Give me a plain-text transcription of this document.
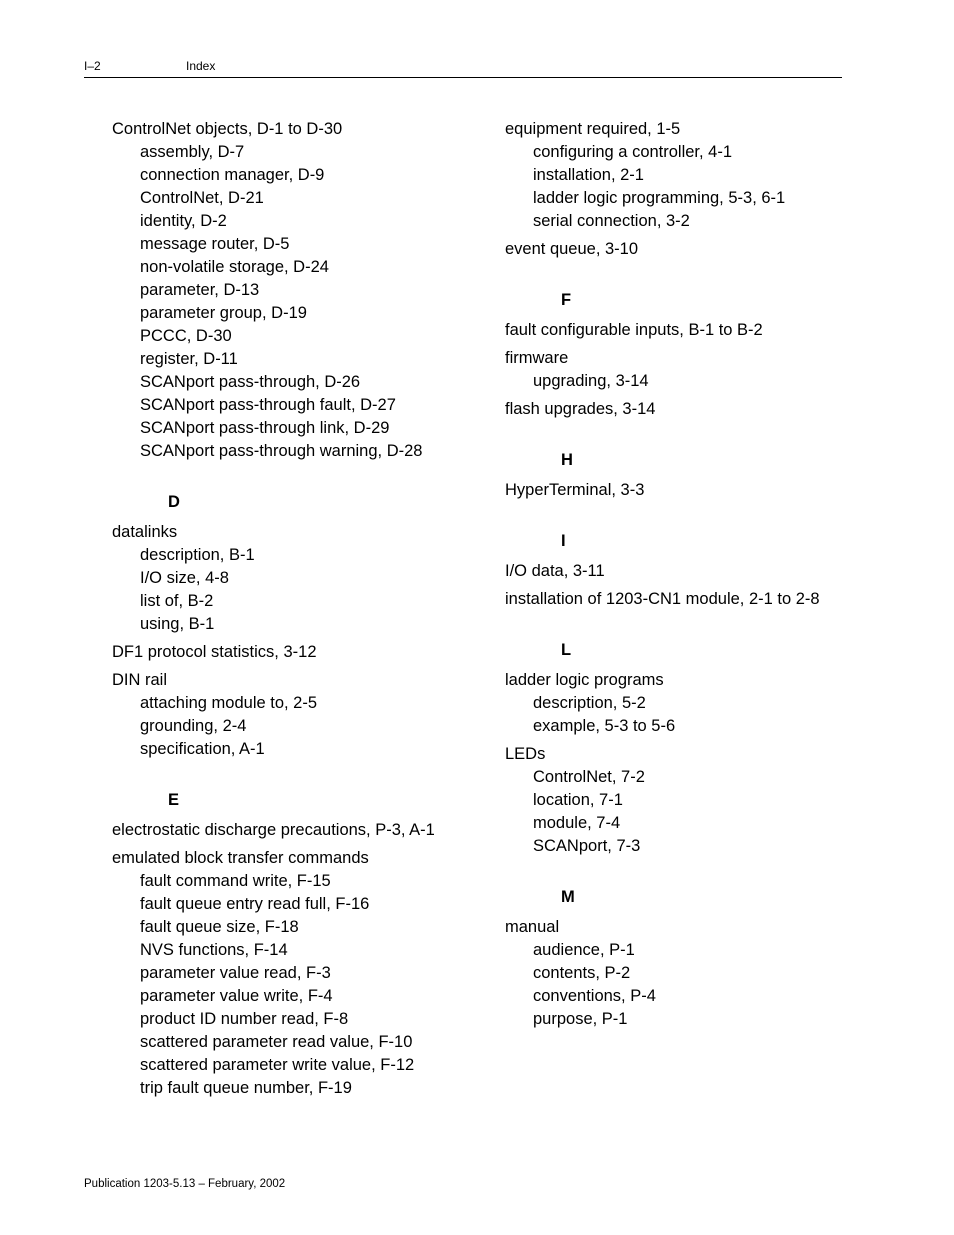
I–2	Index
ControlNet objects, D-1 to D-30
assembly, D-7
connection manager, D-9
ControlNet, D-21
identity, D-2
message router, D-5
non-volatile storage, D-24
parameter, D-13
parameter group, D-19
PCCC, D-30
register, D-11
SCANport pass-through, D-26
SCANport pass-through fault, D-27
SCANport pass-through link, D-29
SCANport pass-through warning, D-28
D
datalinks
description, B-1
I/O size, 4-8
list of, B-2
using, B-1
DF1 protocol statistics, 3-12
DIN rail
attaching module to, 2-5
grounding, 2-4
specification, A-1
E
electrostatic discharge precautions, P-3, A-1
emulated block transfer commands
fault command write, F-15
fault queue entry read full, F-16
fault queue size, F-18
NVS functions, F-14
parameter value read, F-3
parameter value write, F-4
product ID number read, F-8
scattered parameter read value, F-10
scattered parameter write value, F-12
trip fault queue number, F-19
equipment required, 1-5
configuring a controller, 4-1
installation, 2-1
ladder logic programming, 5-3, 6-1
serial connection, 3-2
event queue, 3-10
F
fault configurable inputs, B-1 to B-2
firmware
upgrading, 3-14
flash upgrades, 3-14
H
HyperTerminal, 3-3
I
I/O data, 3-11
installation of 1203-CN1 module, 2-1 to 2-8
L
ladder logic programs
description, 5-2
example, 5-3 to 5-6
LEDs
ControlNet, 7-2
location, 7-1
module, 7-4
SCANport, 7-3
M
manual
audience, P-1
contents, P-2
conventions, P-4
purpose, P-1
Publication 1203-5.13 – February, 2002
